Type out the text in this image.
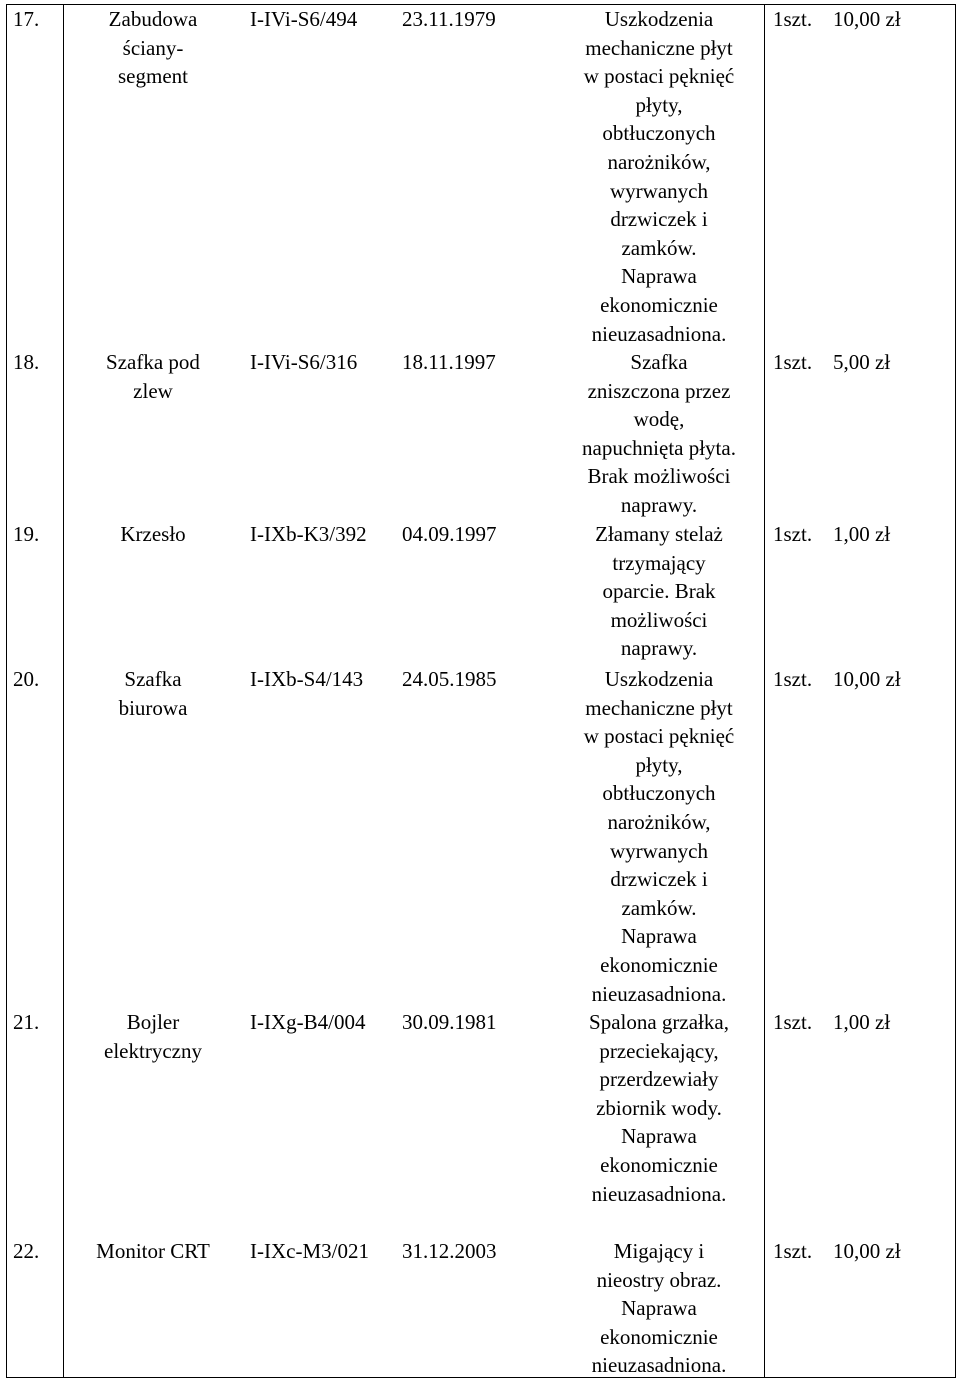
17.	Zabudowa
ściany-
segment
I-IVi-S6/494	23.11.1979	Uszkodzenia
mechaniczne płyt
w postaci pęknięć
płyty,
obtłuczonych
narożników,
wyrwanych
drzwiczek i
zamków.
Naprawa
ekonomicznie
nieuzasadniona.
1szt. 10,00 zł
18.	Szafka pod
zlew
I-IVi-S6/316	18.11.1997	Szafka
zniszczona przez
wodę,
napuchnięta płyta.
Brak możliwości
naprawy.
1szt. 5,00 zł
19.	Krzesło	I-IXb-K3/392	04.09.1997	Złamany stelaż
trzymający
oparcie. Brak
możliwości
naprawy.
1szt. 1,00 zł
20.	Szafka
biurowa
I-IXb-S4/143	24.05.1985	Uszkodzenia
mechaniczne płyt
w postaci pęknięć
płyty,
obtłuczonych
narożników,
wyrwanych
drzwiczek i
zamków.
Naprawa
ekonomicznie
nieuzasadniona.
1szt. 10,00 zł
21.	Bojler
elektryczny
I-IXg-B4/004	30.09.1981	Spalona grzałka,
przeciekający,
przerdzewiały
zbiornik wody.
Naprawa
ekonomicznie
nieuzasadniona.
1szt. 1,00 zł
22.	Monitor CRT	I-IXc-M3/021	31.12.2003	Migający i
nieostry obraz.
Naprawa
ekonomicznie
nieuzasadniona.
1szt. 10,00 zł
